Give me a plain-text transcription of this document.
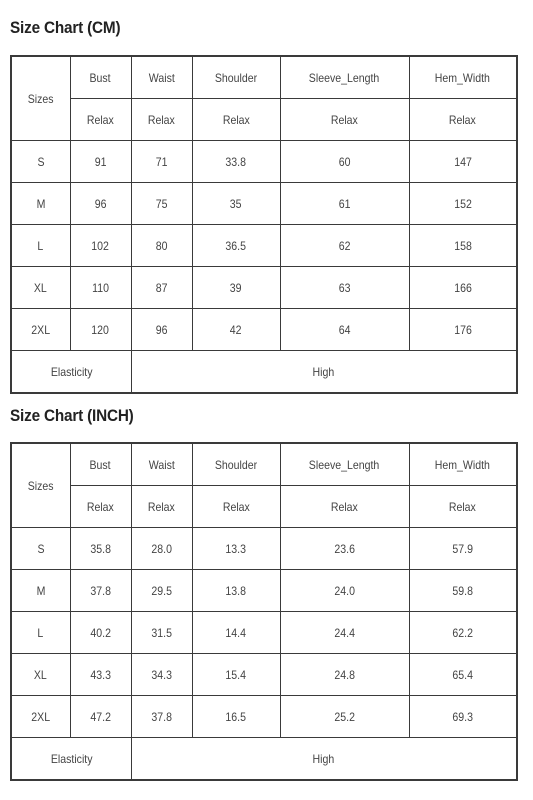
Size Chart (CM)
Sizes	Bust	Waist	Shoulder	Sleeve_Length	Hem_Width
	Relax	Relax	Relax	Relax	Relax
S	91	71	33.8	60	147
M	96	75	35	61	152
L	102	80	36.5	62	158
XL	110	87	39	63	166
2XL	120	96	42	64	176
Elasticity		High			
Size Chart (INCH)
Sizes	Bust	Waist	Shoulder	Sleeve_Length	Hem_Width
	Relax	Relax	Relax	Relax	Relax
S	35.8	28.0	13.3	23.6	57.9
M	37.8	29.5	13.8	24.0	59.8
L	40.2	31.5	14.4	24.4	62.2
XL	43.3	34.3	15.4	24.8	65.4
2XL	47.2	37.8	16.5	25.2	69.3
Elasticity		High			
